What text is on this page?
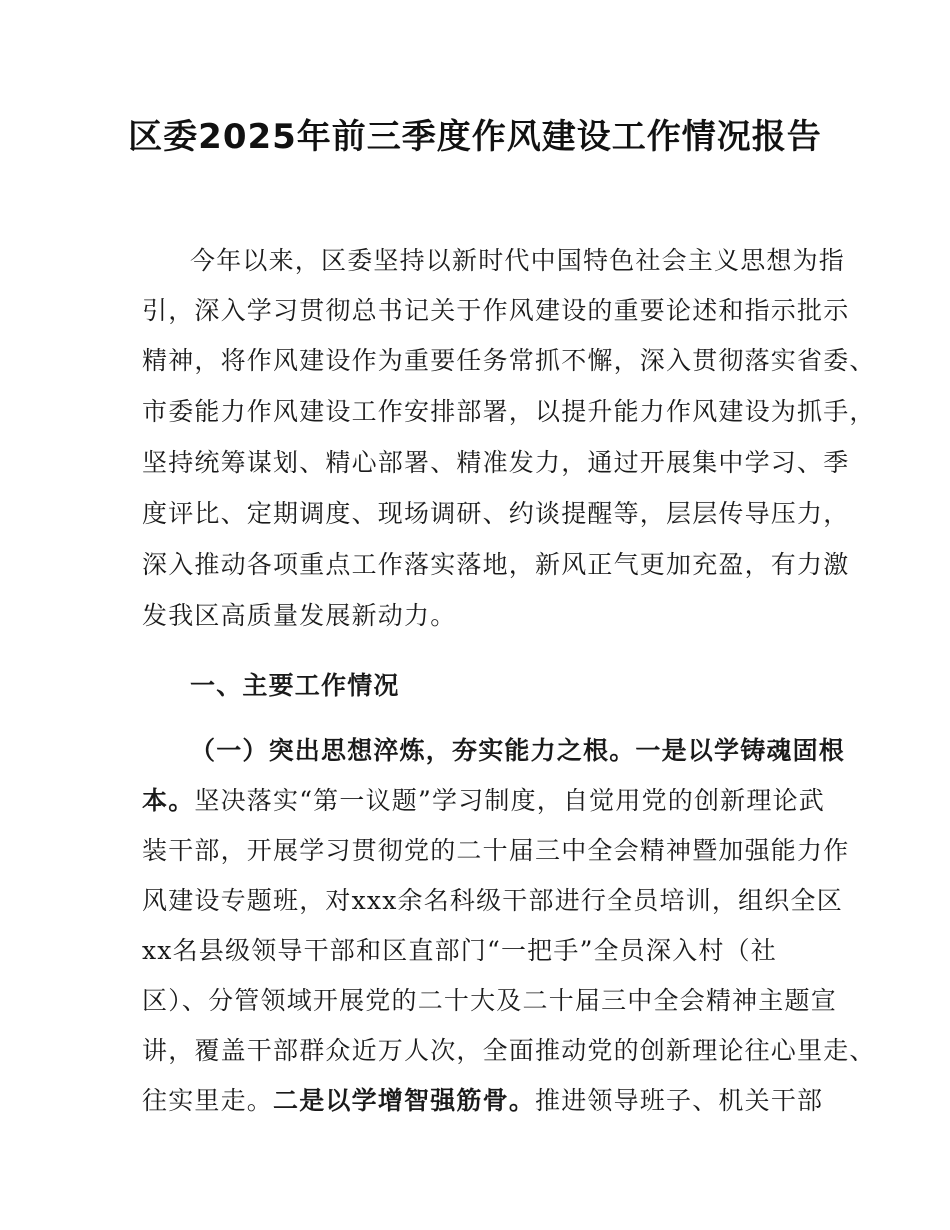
区委2025年前三季度作风建设工作情况报告
今年以来，区委坚持以新时代中国特色社会主义思想为指
引，深入学习贯彻总书记关于作风建设的重要论述和指示批示
精神，将作风建设作为重要任务常抓不懈，深入贯彻落实省委、
市委能力作风建设工作安排部署，以提升能力作风建设为抓手，
坚持统筹谋划、精心部署、精准发力，通过开展集中学习、季
度评比、定期调度、现场调研、约谈提醒等，层层传导压力，
深入推动各项重点工作落实落地，新风正气更加充盈，有力激
发我区高质量发展新动力。
一、主要工作情况
（一）突出思想淬炼，夯实能力之根。一是以学铸魂固根
本。坚决落实“第一议题”学习制度，自觉用党的创新理论武
装干部，开展学习贯彻党的二十届三中全会精神暨加强能力作
风建设专题班，对xxx余名科级干部进行全员培训，组织全区
xx名县级领导干部和区直部门“一把手”全员深入村（社
区）、分管领域开展党的二十大及二十届三中全会精神主题宣
讲，覆盖干部群众近万人次，全面推动党的创新理论往心里走、
往实里走。二是以学增智强筋骨。推进领导班子、机关干部
